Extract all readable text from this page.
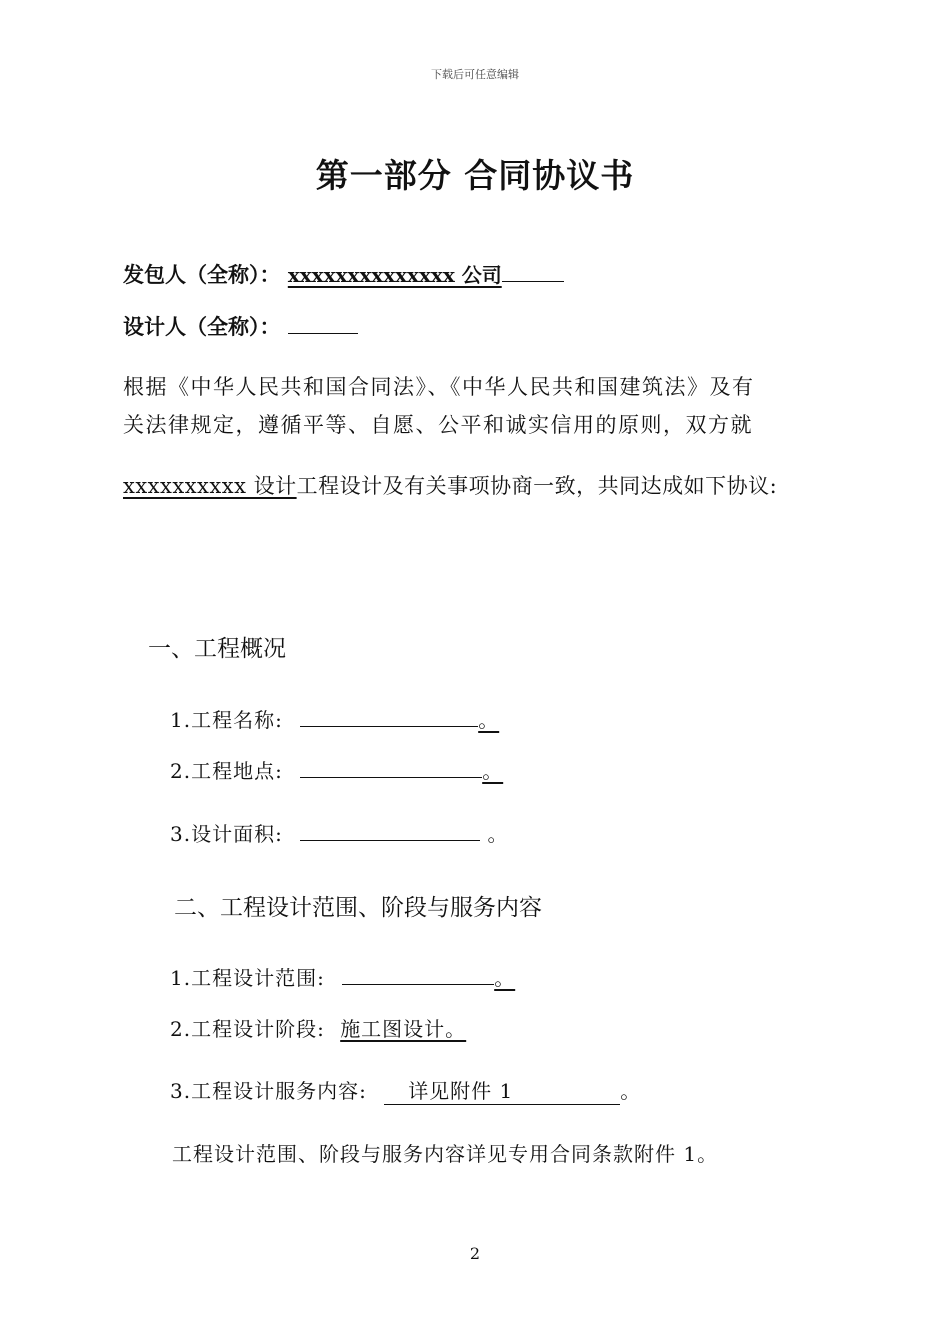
下载后可任意编辑
第一部分 合同协议书
发包人（全称）： xxxxxxxxxxxxxx 公司
设计人（全称）：
根据《中华人民共和国合同法》、《中华人民共和国建筑法》及有
关法律规定，遵循平等、自愿、公平和诚实信用的原则，双方就
xxxxxxxxxx 设计工程设计及有关事项协商一致，共同达成如下协议:
一、工程概况
1.工程名称:	。
2.工程地点:	。
3.设计面积:	。
二、工程设计范围、阶段与服务内容
1.工程设计范围:	。
2.工程设计阶段: 施工图设计。
3.工程设计服务内容: 详见附件 1	。
工程设计范围、阶段与服务内容详见专用合同条款附件 1。
2
